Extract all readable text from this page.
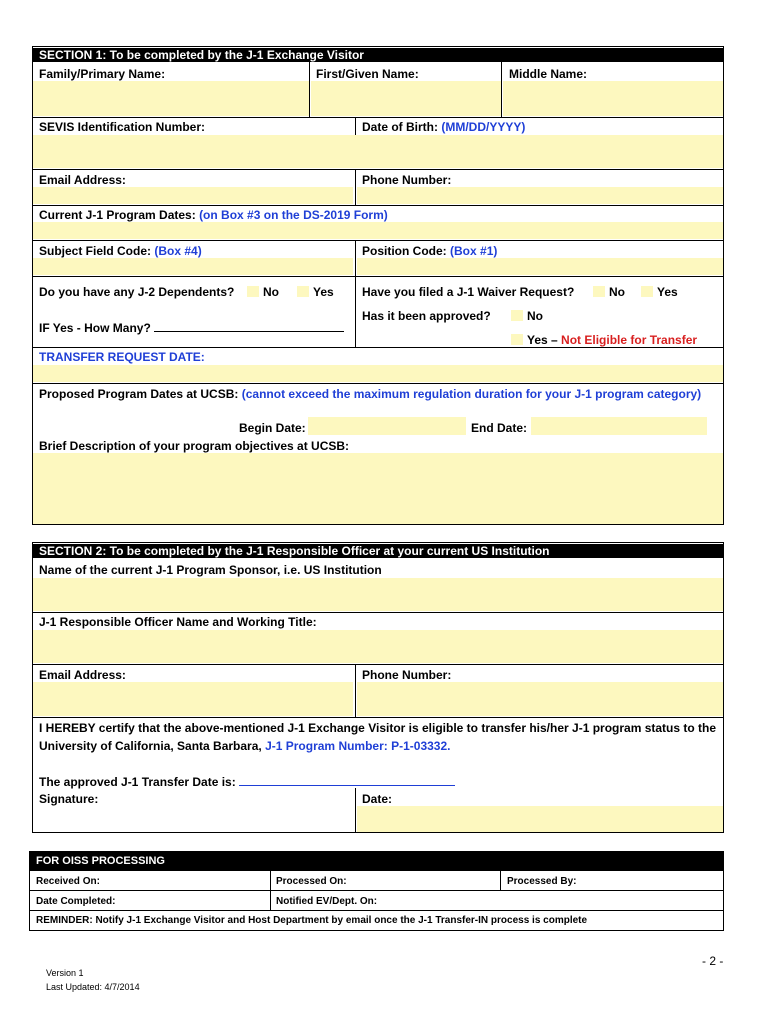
SECTION 1: To be completed by the J-1 Exchange Visitor
Family/Primary Name:	First/Given Name:	Middle Name:
SEVIS Identification Number:	Date of Birth: (MM/DD/YYYY)
Email Address:	Phone Number:
Current J-1 Program Dates: (on Box #3 on the DS-2019 Form)
Subject Field Code: (Box #4)	Position Code: (Box #1)
Do you have any J-2 Dependents?	No	Yes
IF Yes - How Many?
Have you filed a J-1 Waiver Request?	No	Yes
Has it been approved?	No
Yes – Not Eligible for Transfer
TRANSFER REQUEST DATE:
Proposed Program Dates at UCSB: (cannot exceed the maximum regulation duration for your J-1 program category)
Begin Date:	End Date:
Brief Description of your program objectives at UCSB:
SECTION 2: To be completed by the J-1 Responsible Officer at your current US Institution
Name of the current J-1 Program Sponsor, i.e. US Institution
J-1 Responsible Officer Name and Working Title:
Email Address:	Phone Number:
I HEREBY certify that the above-mentioned J-1 Exchange Visitor is eligible to transfer his/her J-1 program status to the
University of California, Santa Barbara, J-1 Program Number: P-1-03332.
The approved J-1 Transfer Date is:
Signature:	Date:
FOR OISS PROCESSING
Received On:	Processed On:	Processed By:
Date Completed:	Notified EV/Dept. On:
REMINDER: Notify J-1 Exchange Visitor and Host Department by email once the J-1 Transfer-IN process is complete
- 2 -
Version 1
Last Updated: 4/7/2014
